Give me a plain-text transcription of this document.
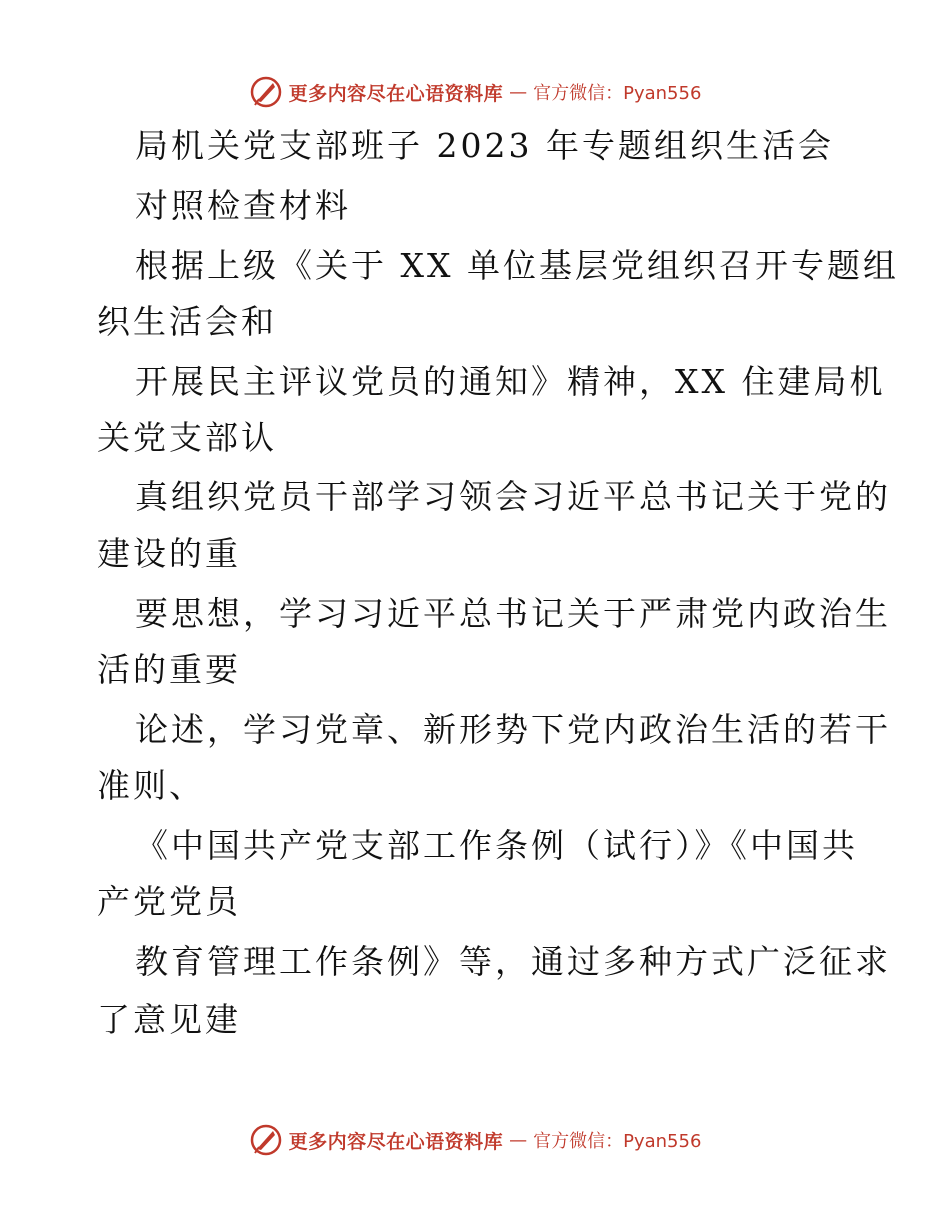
更多内容尽在心语资料库 — 官方微信：Pyan556
局机关党支部班子 2023 年专题组织生活会
对照检查材料
根据上级《关于 XX 单位基层党组织召开专题组
织生活会和
开展民主评议党员的通知》精神，XX 住建局机
关党支部认
真组织党员干部学习领会习近平总书记关于党的
建设的重
要思想，学习习近平总书记关于严肃党内政治生
活的重要
论述，学习党章、新形势下党内政治生活的若干
准则、
《中国共产党支部工作条例（试行）》《中国共
产党党员
教育管理工作条例》等，通过多种方式广泛征求
了意见建
更多内容尽在心语资料库 — 官方微信：Pyan556
